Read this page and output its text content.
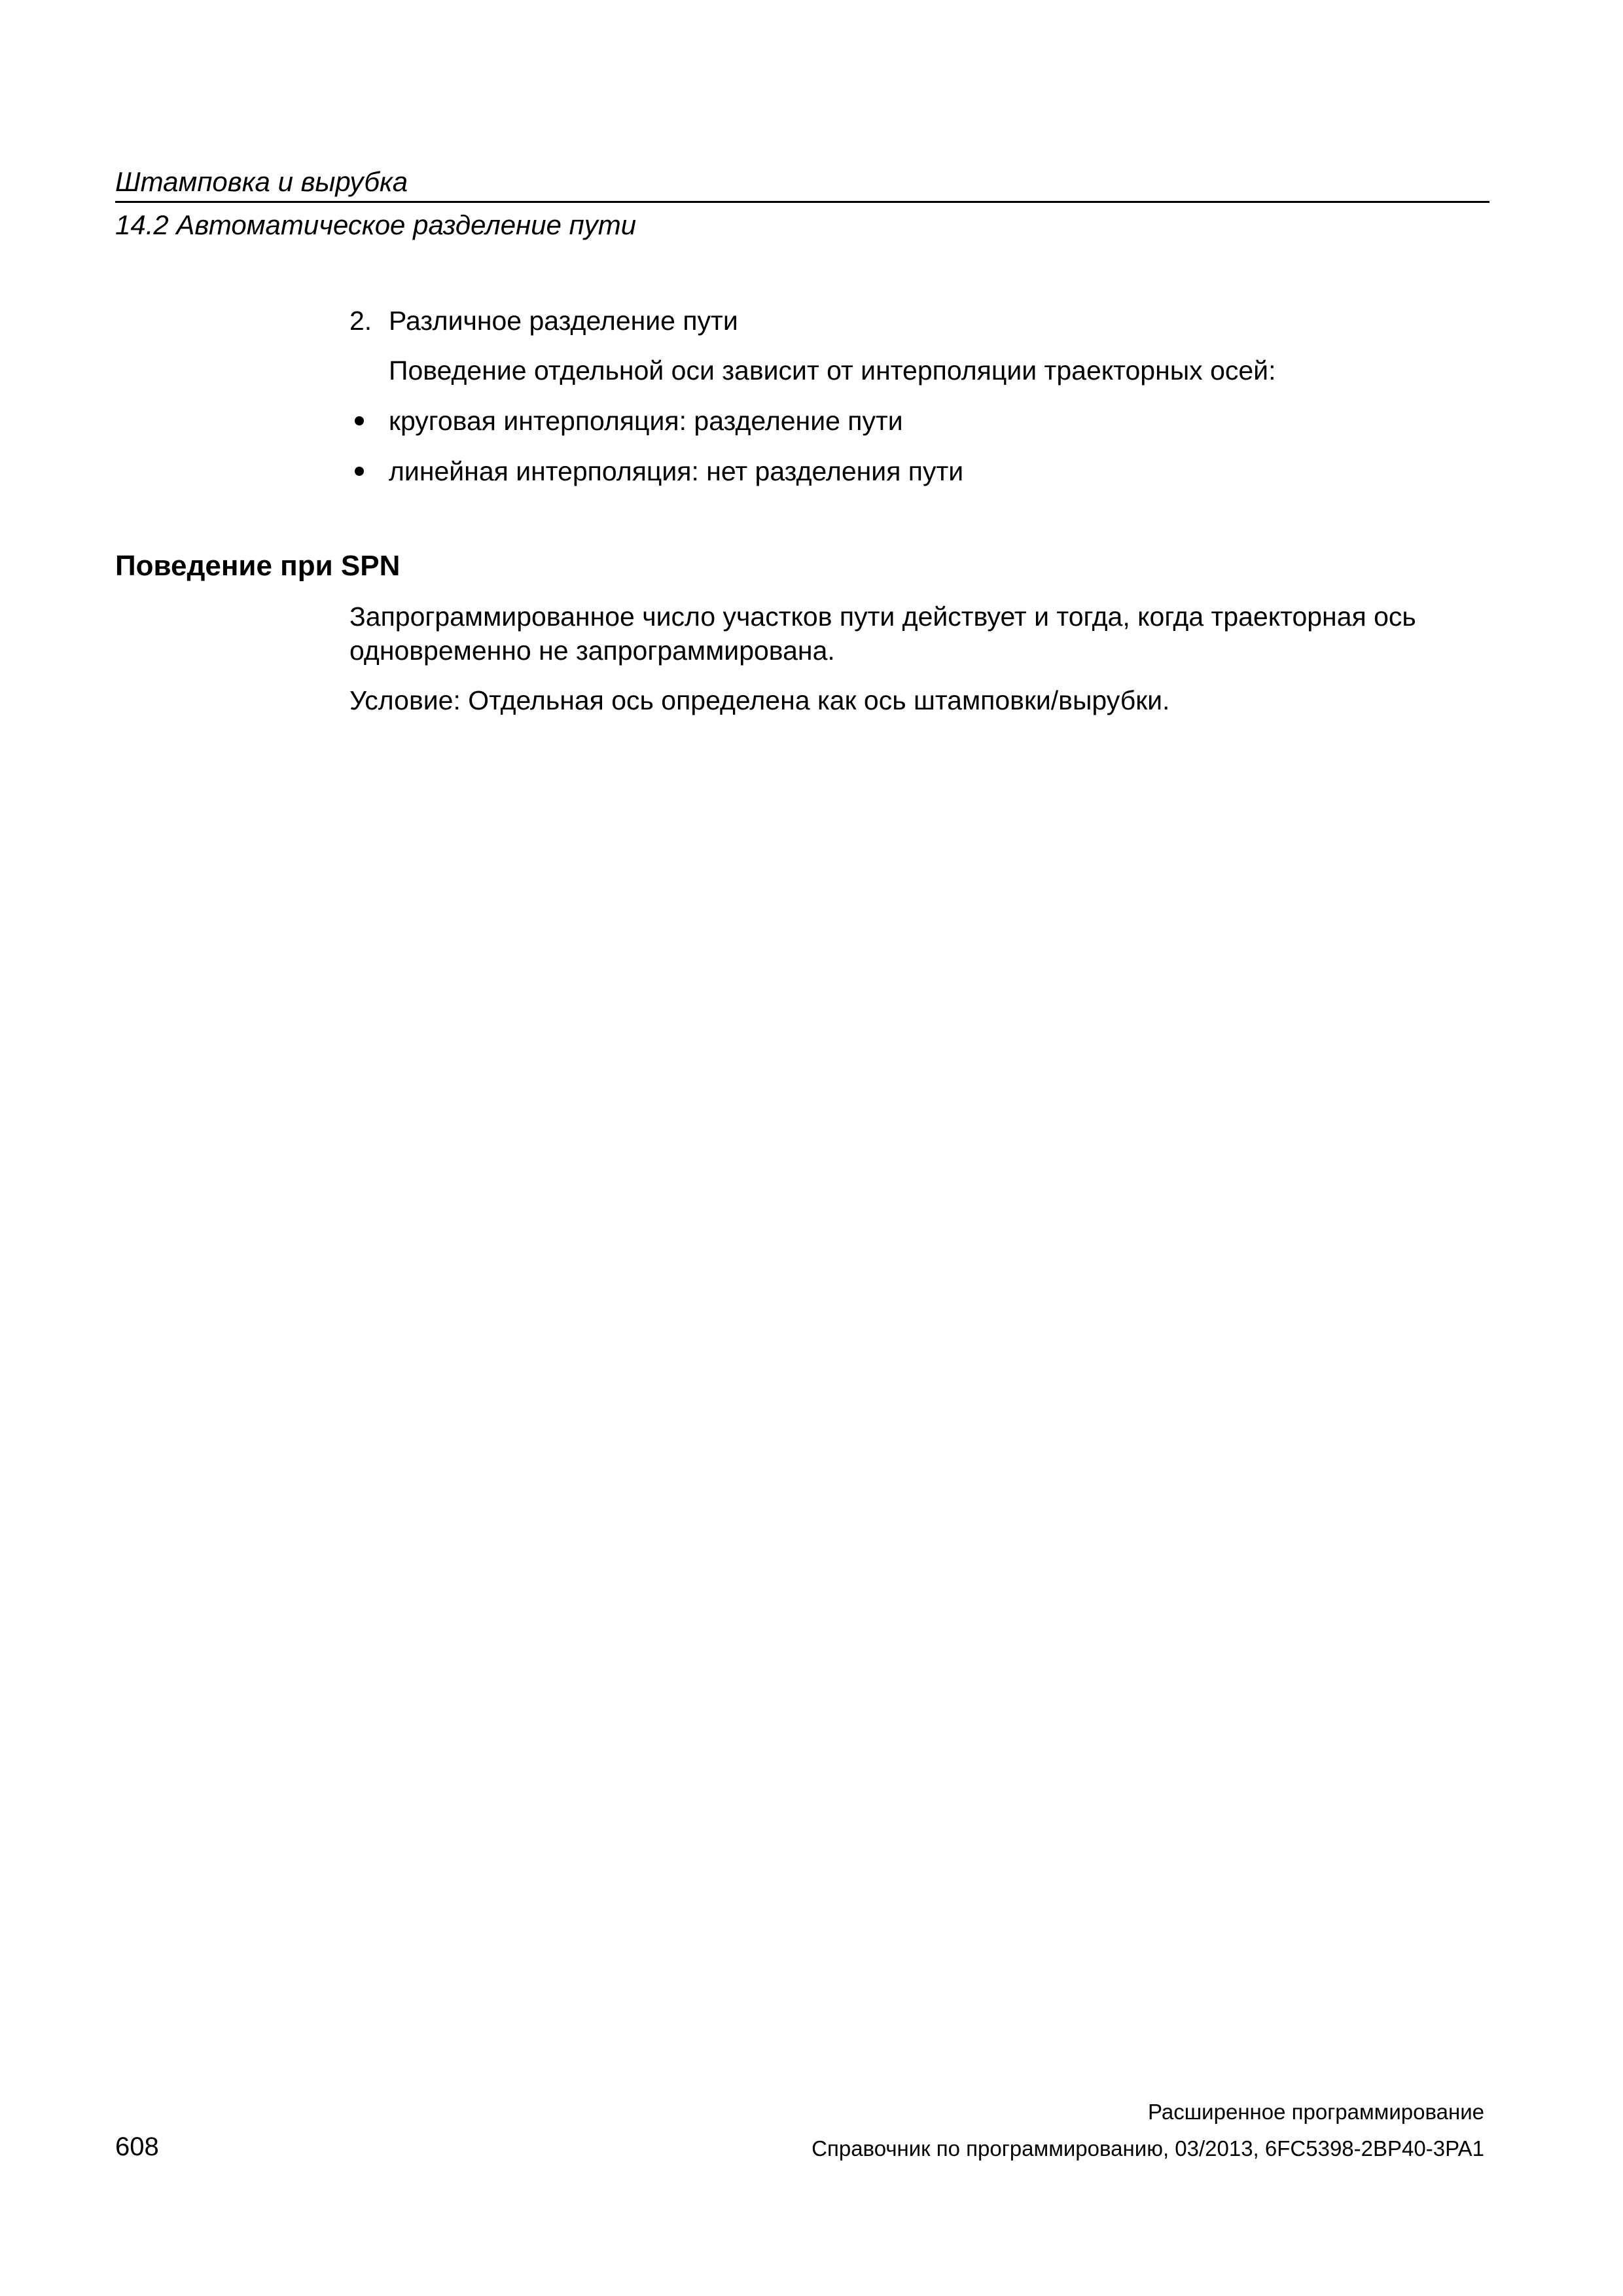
Штамповка и вырубка
14.2 Автоматическое разделение пути
2. Различное разделение пути
Поведение отдельной оси зависит от интерполяции траекторных осей:
круговая интерполяция: разделение пути
линейная интерполяция: нет разделения пути
Поведение при SPN
Запрограммированное число участков пути действует и тогда, когда траекторная ось
одновременно не запрограммирована.
Условие: Отдельная ось определена как ось штамповки/вырубки.
Расширенное программирование
608	Справочник по программированию, 03/2013, 6FC5398-2BP40-3PA1
